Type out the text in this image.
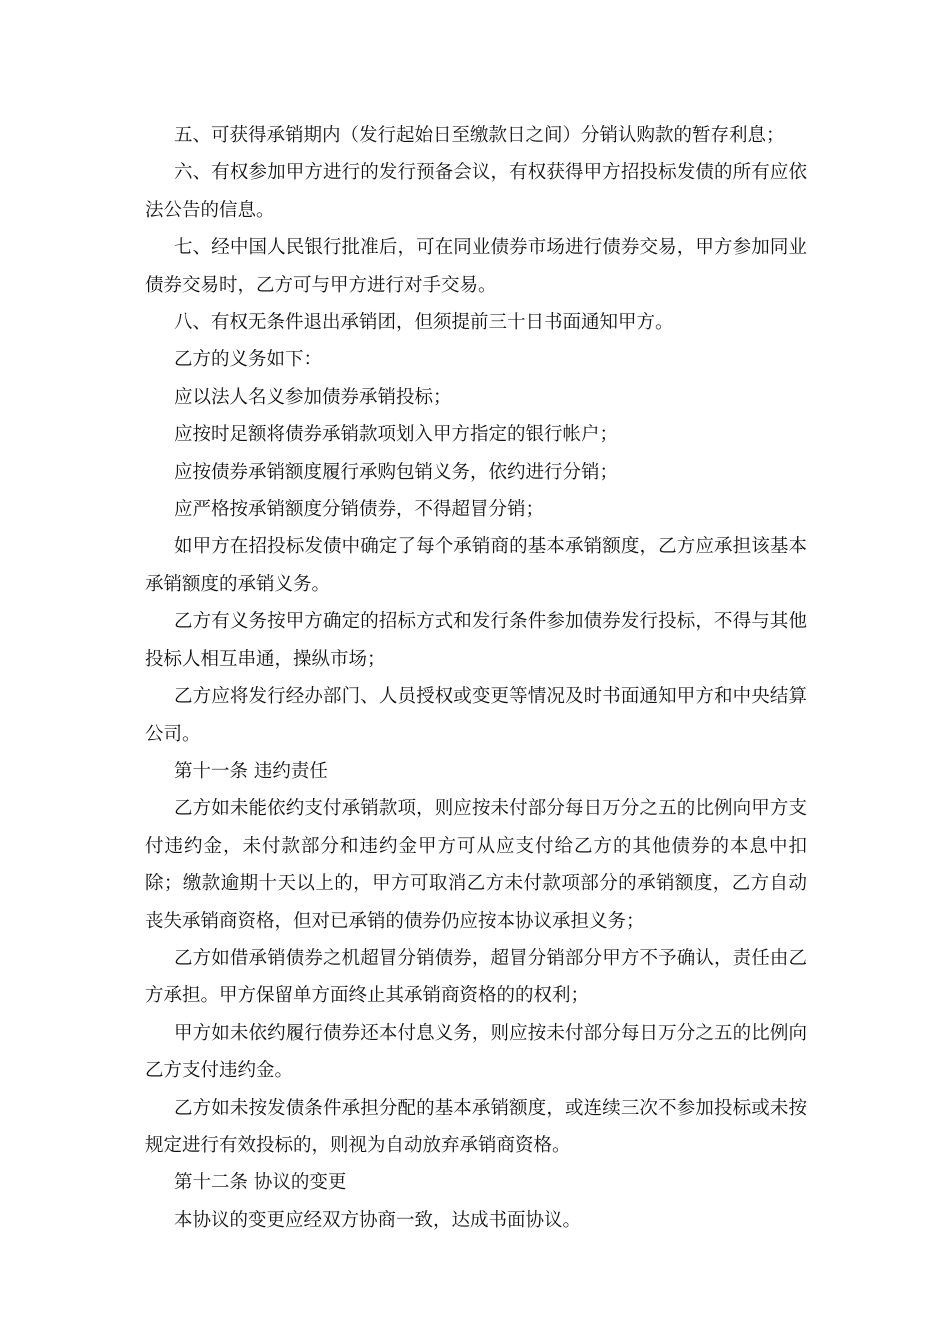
五、可获得承销期内（发行起始日至缴款日之间）分销认购款的暂存利息；

六、有权参加甲方进行的发行预备会议，有权获得甲方招投标发债的所有应依法公告的信息。

七、经中国人民银行批准后，可在同业债券市场进行债券交易，甲方参加同业债券交易时，乙方可与甲方进行对手交易。

八、有权无条件退出承销团，但须提前三十日书面通知甲方。

乙方的义务如下：

应以法人名义参加债券承销投标；

应按时足额将债券承销款项划入甲方指定的银行帐户；

应按债券承销额度履行承购包销义务，依约进行分销；

应严格按承销额度分销债券，不得超冒分销；

如甲方在招投标发债中确定了每个承销商的基本承销额度，乙方应承担该基本承销额度的承销义务。

乙方有义务按甲方确定的招标方式和发行条件参加债券发行投标，不得与其他投标人相互串通，操纵市场；

乙方应将发行经办部门、人员授权或变更等情况及时书面通知甲方和中央结算公司。

第十一条 违约责任

乙方如未能依约支付承销款项，则应按未付部分每日万分之五的比例向甲方支付违约金，未付款部分和违约金甲方可从应支付给乙方的其他债券的本息中扣除；缴款逾期十天以上的，甲方可取消乙方未付款项部分的承销额度，乙方自动丧失承销商资格，但对已承销的债券仍应按本协议承担义务；

乙方如借承销债券之机超冒分销债券，超冒分销部分甲方不予确认，责任由乙方承担。甲方保留单方面终止其承销商资格的的权利；

甲方如未依约履行债券还本付息义务，则应按未付部分每日万分之五的比例向乙方支付违约金。

乙方如未按发债条件承担分配的基本承销额度，或连续三次不参加投标或未按规定进行有效投标的，则视为自动放弃承销商资格。

第十二条 协议的变更

本协议的变更应经双方协商一致，达成书面协议。
